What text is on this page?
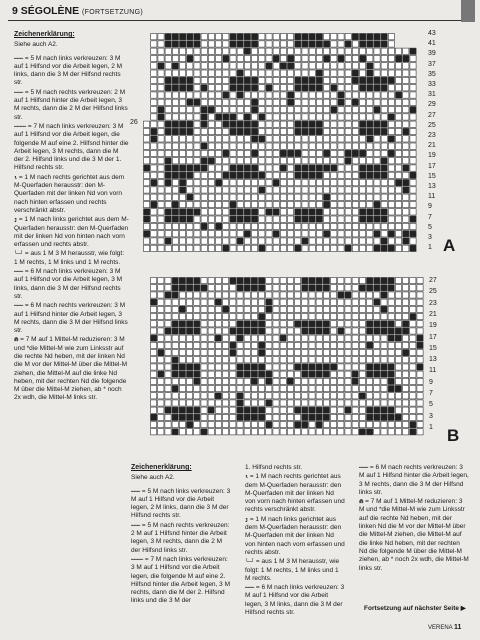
9 SÉGOLÈNE (FORTSETZUNG)
Zeichenerklärung:

Siehe auch A2.

⋯⋯⋯ = 5 M nach links verkreuzen: 3 M auf 1 Hilfsnd vor die Arbeit legen, 2 M links, dann die 3 M der Hilfsnd rechts str.

⋯⋯⋯ = 5 M nach rechts verkreuzen: 2 M auf 1 Hilfsnd hinter die Arbeit legen, 3 M rechts, dann die 2 M der Hilfsnd links str.

⋯⋯⋯⋯ = 7 M nach links verkreuzen: 3 M auf 1 Hilfsnd vor die Arbeit legen, die folgende M auf eine 2. Hilfsnd hinter die Arbeit legen, 3 M rechts, dann die M der 2. Hilfsnd links und die 3 M der 1. Hilfsnd rechts str.

ι = 1 M nach rechts gerichtet aus dem M-Querfaden herausstr: den M-Querfaden mit der linken Nd von vorn nach hinten erfassen und rechts verschränkt abstr.

ȷ = 1 M nach links gerichtet aus dem M-Querfaden herausstr: den M-Querfaden mit der linken Nd von hinten nach vorn erfassen und rechts abstr.

└─┘ = aus 1 M 3 M herausstr, wie folgt: 1 M rechts, 1 M links und 1 M rechts.

⋯⋯⋯ = 6 M nach links verkreuzen: 3 M auf 1 Hilfsnd vor die Arbeit legen, 3 M links, dann die 3 M der Hilfsnd rechts str.

⋯⋯⋯ = 6 M nach rechts verkreuzen: 3 M auf 1 Hilfsnd hinter die Arbeit legen, 3 M rechts, dann die 3 M der Hilfsnd links str.

⋒ = 7 M auf 1 Mittel-M reduzieren: 3 M und *die Mittel-M wie zum Linksstr auf die rechte Nd heben, mit der linken Nd die M vor der Mittel-M über die Mittel-M ziehen, die Mittel-M auf die linke Nd heben, mit der rechten Nd die folgende M über die Mittel-M ziehen, ab * noch 2x wdh, die Mittel-M links str.

43
41
39
37
35
33
31
29
27
25
23
21
19
17
15
13
11
9
7
5
3
1
26
A
27
25
23
21
19
17
15
13
11
9
7
5
3
1 B
Zeichenerklärung:

Siehe auch A2.

⋯⋯⋯ = 5 M nach links verkreuzen: 3 M auf 1 Hilfsnd vor die Arbeit legen, 2 M links, dann die 3 M der Hilfsnd rechts str.

⋯⋯⋯ = 5 M nach rechts verkreuzen: 2 M auf 1 Hilfsnd hinter die Arbeit legen, 3 M rechts, dann die 2 M der Hilfsnd links str.

⋯⋯⋯⋯ = 7 M nach links verkreuzen: 3 M auf 1 Hilfsnd vor die Arbeit legen, die folgende M auf eine 2. Hilfsnd hinter die Arbeit legen, 3 M rechts, dann die M der 2. Hilfsnd links und die 3 M der

1. Hilfsnd rechts str.

ι = 1 M nach rechts gerichtet aus dem M-Querfaden herausstr: den M-Querfaden mit der linken Nd von vorn nach hinten erfassen und rechts verschränkt abstr.

ȷ = 1 M nach links gerichtet aus dem M-Querfaden herausstr: den M-Querfaden mit der linken Nd von hinten nach vorn erfassen und rechts abstr.

└─┘ = aus 1 M 3 M herausstr, wie folgt: 1 M rechts, 1 M links und 1 M rechts.

⋯⋯⋯ = 6 M nach links verkreuzen: 3 M auf 1 Hilfsnd vor die Arbeit legen, 3 M links, dann die 3 M der Hilfsnd rechts str.

⋯⋯⋯ = 6 M nach rechts verkreuzen: 3 M auf 1 Hilfsnd hinter die Arbeit legen, 3 M rechts, dann die 3 M der Hilfsnd links str.

⋒ = 7 M auf 1 Mittel-M reduzieren: 3 M und *die Mittel-M wie zum Linksstr auf die rechte Nd heben, mit der linken Nd die M vor der Mittel-M über die Mittel-M ziehen, die Mittel-M auf die linke Nd heben, mit der rechten Nd die folgende M über die Mittel-M ziehen, ab * noch 2x wdh, die Mittel-M links str.

Fortsetzung auf nächster Seite ▶
VERENA 11
